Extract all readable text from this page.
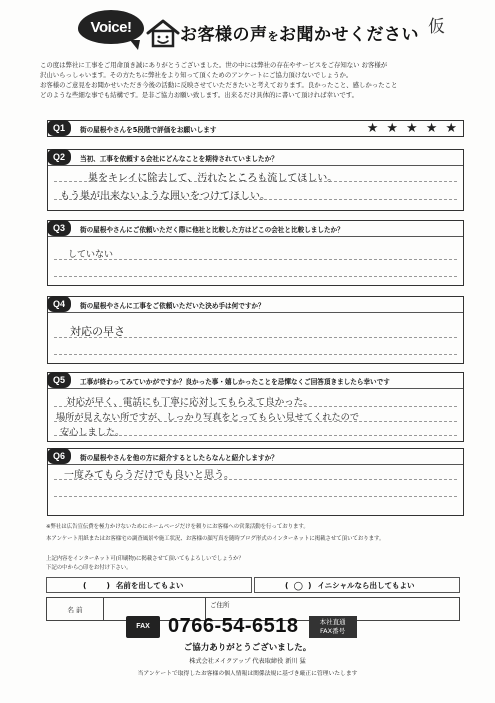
Voice!	お客様の声をお聞かせください 仮

この度は弊社に工事をご用命頂き誠にありがとうございました。世の中には弊社の存在やサービスをご存知ない お客様が

沢山いらっしゃいます。その方たちに弊社をより知って頂くためのアンケートにご協力頂けないでしょうか。

お客様のご意見をお聞かせいただき今後の活動に反映させていただきたいと考えております。良かったこと、感しかったこと

どのような些細な事でも結構です。是非ご協力お願い致します。出来るだけ具体的に書いて頂ければ幸いです。

Q1	街の屋根やさんを5段階で評価をお願いします	★ ★ ★ ★ ★
Q2	当初、工事を依頼する会社にどんなことを期待されていましたか？
巣をキレイに除去して、汚れたところも流してほしい。
もう巣が出来ないような囲いをつけてほしい。
Q3	街の屋根やさんにご依頼いただく際に他社と比較した方はどこの会社と比較しましたか？
していない
Q4	街の屋根やさんに工事をご依頼いただいた決め手は何ですか？
対応の早さ
Q5	工事が終わってみていかがですか？良かった事・嬉しかったことを忌憚なくご回答頂きましたら幸いです
対応が早く、電話にも丁寧に応対してもらえて良かった。
場所が見えない所ですが、しっかり写真をとってもらい見せてくれたので
安心しました。
Q6	街の屋根やさんを他の方に紹介するとしたらなんと紹介しますか？
一度みてもらうだけでも良いと思う。
※弊社は広告宣伝費を極力かけないためにホームページだけを頼りにお客様への営業活動を行っております。
本アンケート用紙またはお客様宅の調査風景や施工状況、お客様の顔写真を随時ブログ形式のインターネットに掲載させて頂いております。
上記内容をインターネット可(印刷物)に掲載させて頂いてもよろしいでしょうか？
下記の中から○印をお付け下さい。
(	) 名前を出してもよい	( ○ ) イニシャルなら出してもよい
名 前
ご住所
FAX 0766-54-6518	本社直通
FAX番号
ご協力ありがとうございました。
株式会社メイクアップ 代表取締役 新川 猛
当アンケートで取得したお客様の個人情報は関係法規に基づき厳正に管理いたします
